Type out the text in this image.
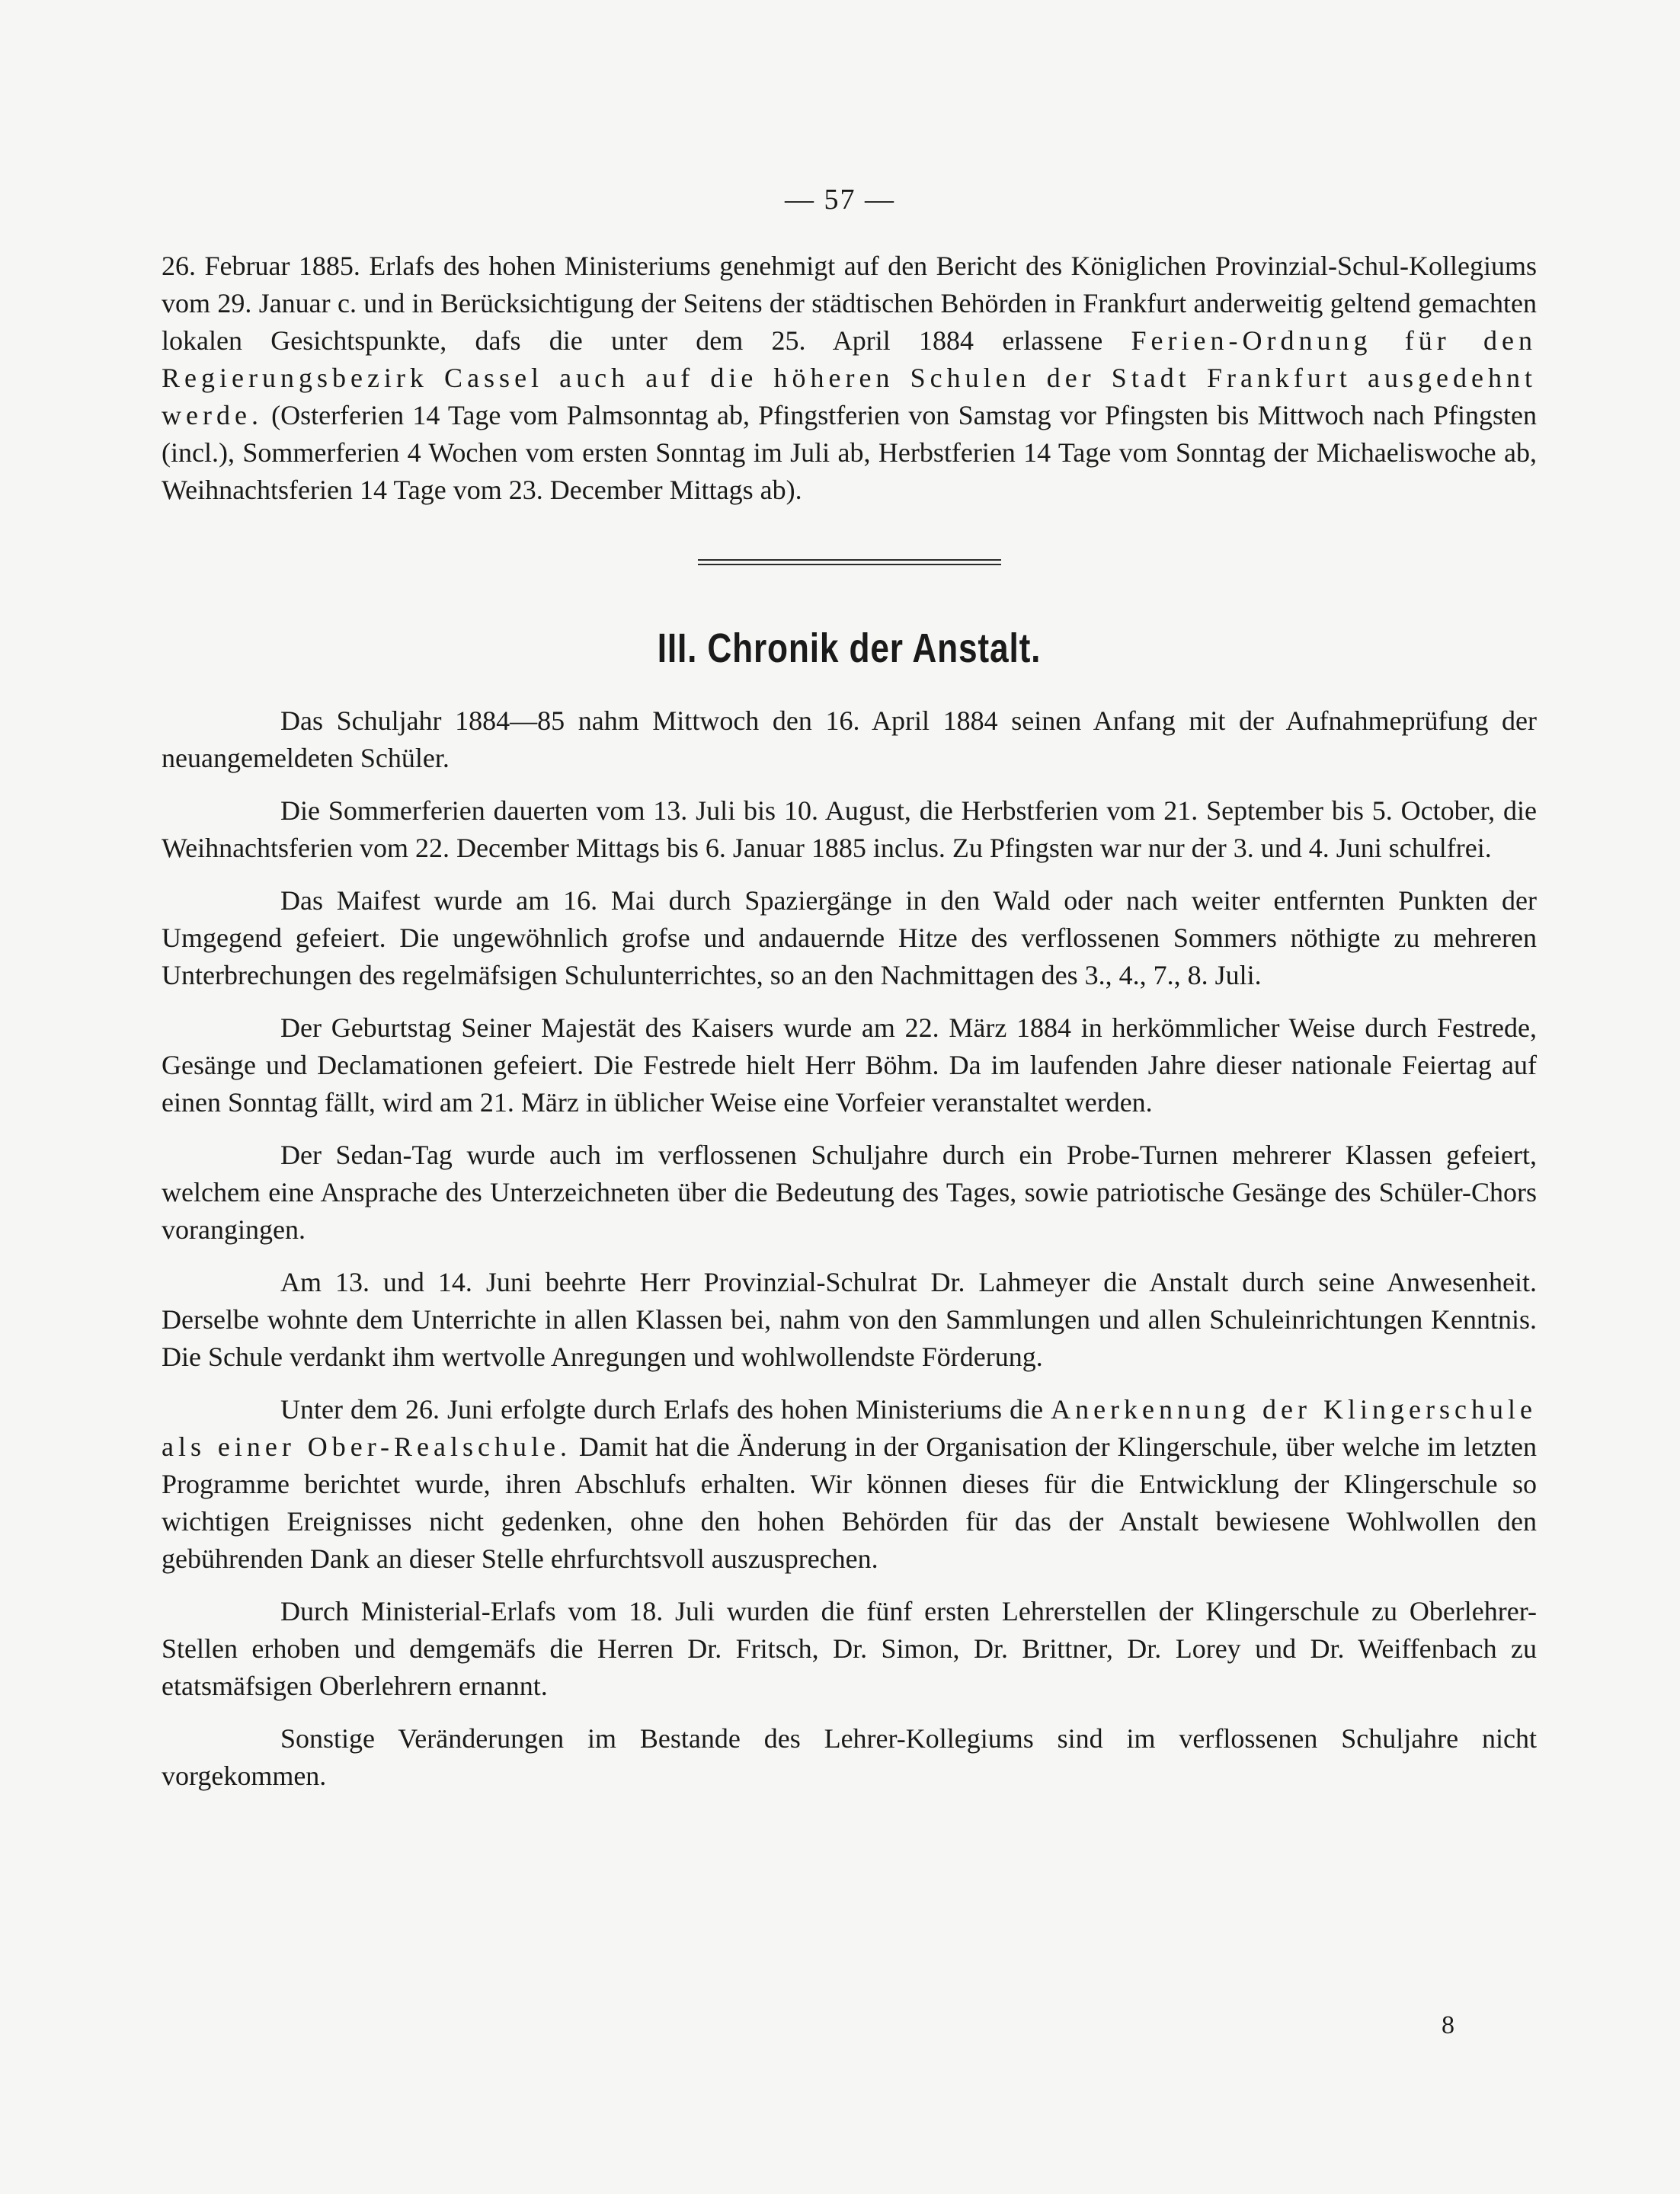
— 57 —

26. Februar 1885. Erlafs des hohen Ministeriums genehmigt auf den Bericht des Königlichen Provinzial-Schul-Kollegiums vom 29. Januar c. und in Berücksichtigung der Seitens der städtischen Behörden in Frankfurt anderweitig geltend gemachten lokalen Gesichtspunkte, dafs die unter dem 25. April 1884 erlassene Ferien-Ordnung für den Regierungsbezirk Cassel auch auf die höheren Schulen der Stadt Frankfurt ausgedehnt werde. (Osterferien 14 Tage vom Palmsonntag ab, Pfingstferien von Samstag vor Pfingsten bis Mittwoch nach Pfingsten (incl.), Sommerferien 4 Wochen vom ersten Sonntag im Juli ab, Herbstferien 14 Tage vom Sonntag der Michaeliswoche ab, Weihnachtsferien 14 Tage vom 23. December Mittags ab).

III. Chronik der Anstalt.

Das Schuljahr 1884—85 nahm Mittwoch den 16. April 1884 seinen Anfang mit der Aufnahmeprüfung der neuangemeldeten Schüler.

Die Sommerferien dauerten vom 13. Juli bis 10. August, die Herbstferien vom 21. September bis 5. October, die Weihnachtsferien vom 22. December Mittags bis 6. Januar 1885 inclus. Zu Pfingsten war nur der 3. und 4. Juni schulfrei.

Das Maifest wurde am 16. Mai durch Spaziergänge in den Wald oder nach weiter entfernten Punkten der Umgegend gefeiert. Die ungewöhnlich grofse und andauernde Hitze des verflossenen Sommers nöthigte zu mehreren Unterbrechungen des regelmäfsigen Schulunterrichtes, so an den Nachmittagen des 3., 4., 7., 8. Juli.

Der Geburtstag Seiner Majestät des Kaisers wurde am 22. März 1884 in herkömmlicher Weise durch Festrede, Gesänge und Declamationen gefeiert. Die Festrede hielt Herr Böhm. Da im laufenden Jahre dieser nationale Feiertag auf einen Sonntag fällt, wird am 21. März in üblicher Weise eine Vorfeier veranstaltet werden.

Der Sedan-Tag wurde auch im verflossenen Schuljahre durch ein Probe-Turnen mehrerer Klassen gefeiert, welchem eine Ansprache des Unterzeichneten über die Bedeutung des Tages, sowie patriotische Gesänge des Schüler-Chors vorangingen.

Am 13. und 14. Juni beehrte Herr Provinzial-Schulrat Dr. Lahmeyer die Anstalt durch seine Anwesenheit. Derselbe wohnte dem Unterrichte in allen Klassen bei, nahm von den Sammlungen und allen Schuleinrichtungen Kenntnis. Die Schule verdankt ihm wertvolle Anregungen und wohlwollendste Förderung.

Unter dem 26. Juni erfolgte durch Erlafs des hohen Ministeriums die Anerkennung der Klingerschule als einer Ober-Realschule. Damit hat die Änderung in der Organisation der Klingerschule, über welche im letzten Programme berichtet wurde, ihren Abschlufs erhalten. Wir können dieses für die Entwicklung der Klingerschule so wichtigen Ereignisses nicht gedenken, ohne den hohen Behörden für das der Anstalt bewiesene Wohlwollen den gebührenden Dank an dieser Stelle ehrfurchtsvoll auszusprechen.

Durch Ministerial-Erlafs vom 18. Juli wurden die fünf ersten Lehrerstellen der Klingerschule zu Oberlehrer-Stellen erhoben und demgemäfs die Herren Dr. Fritsch, Dr. Simon, Dr. Brittner, Dr. Lorey und Dr. Weiffenbach zu etatsmäfsigen Oberlehrern ernannt.

Sonstige Veränderungen im Bestande des Lehrer-Kollegiums sind im verflossenen Schuljahre nicht vorgekommen.

8
